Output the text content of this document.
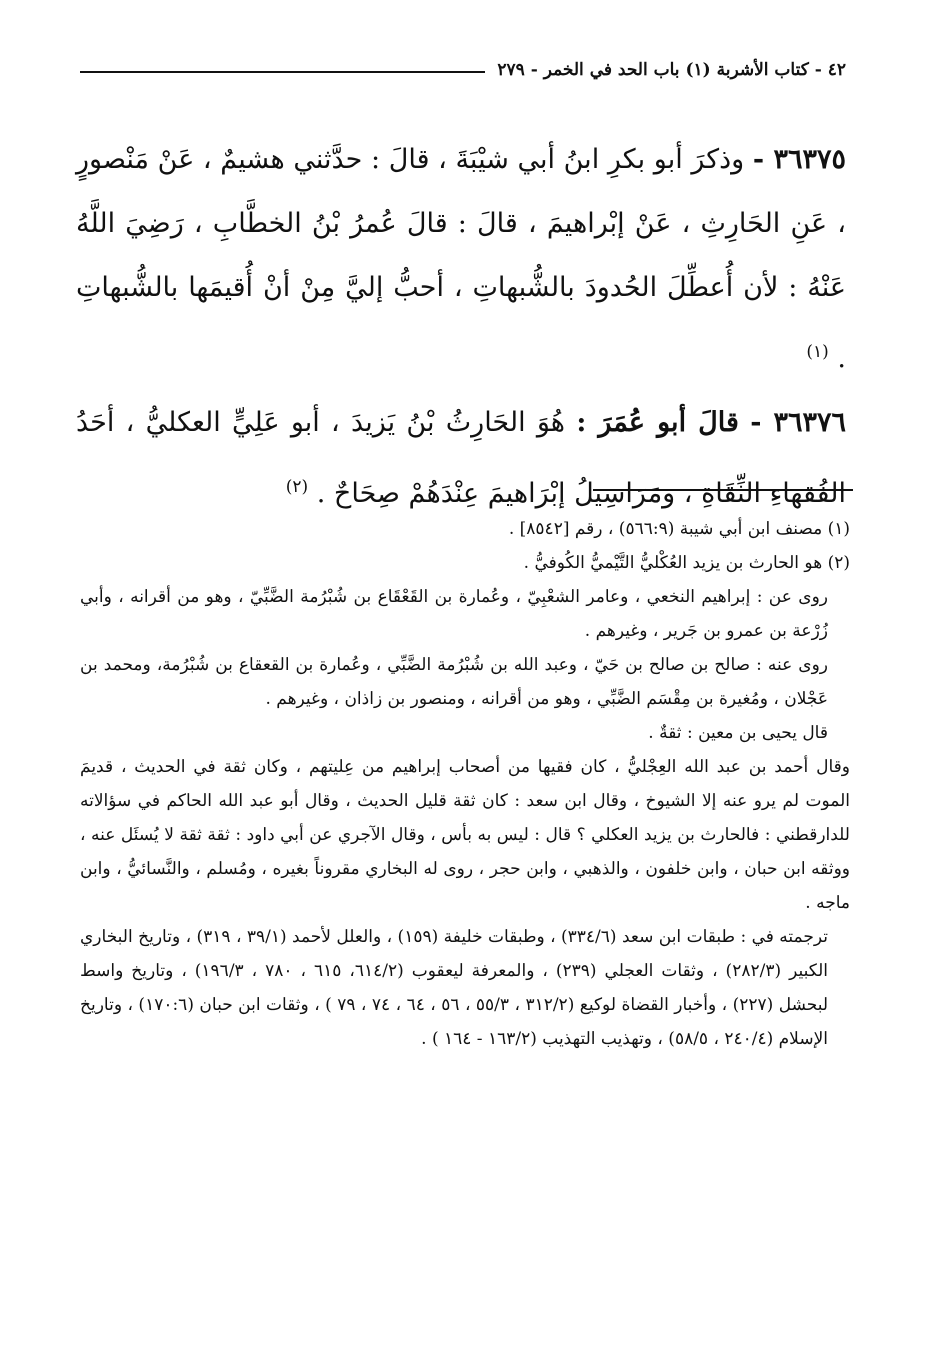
٤٢ - كتاب الأشربة (١) باب الحد في الخمر - ٢٧٩

٣٦٣٧٥ - وذكرَ أبو بكرِ ابنُ أبي شيْبَةَ ، قالَ : حدَّثني هشيمٌ ، عَنْ مَنْصورٍ ، عَنِ الحَارِثِ ، عَنْ إبْراهيمَ ، قالَ : قالَ عُمرُ بْنُ الخطَّابِ ، رَضِيَ اللَّهُ عَنْهُ : لأن أُعطِّلَ الحُدودَ بالشُّبهاتِ ، أحبُّ إليَّ مِنْ أنْ أُقيمَها بالشُّبهاتِ . $^{(١)}$

٣٦٣٧٦ - قالَ أبو عُمَرَ : هُوَ الحَارِثُ بْنُ يَزيدَ ، أبو عَلِيٍّ العكليُّ ، أحَدُ الفُقهاءِ الثِّقَاةِ ، ومَرَاسِيلُ إبْرَاهيمَ عِنْدَهُمْ صِحَاحٌ . $^{(٢)}$

(١) مصنف ابن أبي شيبة (٥٦٦:٩) ، رقم [٨٥٤٢] .

(٢) هو الحارث بن يزيد العُكْليُّ التَّيْميُّ الكُوفيُّ .

روى عن : إبراهيم النخعي ، وعامر الشعْبِيّ ، وعُمارة بن القَعْقَاع بن شُبْرُمة الضَّبِّيّ ، وهو من أقرانه ، وأبي زُرْعة بن عمرو بن جَرير ، وغيرهم .

روى عنه : صالح بن صالح بن حَيّ ، وعبد الله بن شُبْرُمة الضَّبِّي ، وعُمارة بن القعقاع بن شُبْرُمة، ومحمد بن عَجْلان ، ومُغيرة بن مِقْسَم الضَّبِّي ، وهو من أقرانه ، ومنصور بن زاذان ، وغيرهم .

قال يحيى بن معين : ثقةٌ .

وقال أحمد بن عبد الله العِجْليُّ ، كان فقيها من أصحاب إبراهيم من عِليتهم ، وكان ثقة في الحديث ، قديمَ الموت لم يرو عنه إلا الشيوخ ، وقال ابن سعد : كان ثقة قليل الحديث ، وقال أبو عبد الله الحاكم في سؤالاته للدارقطني : فالحارث بن يزيد العكلي ؟ قال : ليس به بأس ، وقال الآجري عن أبي داود : ثقة ثقة لا يُسئَل عنه ، ووثقه ابن حبان ، وابن خلفون ، والذهبي ، وابن حجر ، روى له البخاري مقروناً بغيره ، ومُسلم ، والنَّسائيُّ ، وابن ماجه .

ترجمته في : طبقات ابن سعد (٣٣٤/٦) ، وطبقات خليفة (١٥٩) ، والعلل لأحمد (٣٩/١ ، ٣١٩) ، وتاريخ البخاري الكبير (٢٨٢/٣) ، وثقات العجلي (٢٣٩) ، والمعرفة ليعقوب (٦١٤/٢، ٦١٥ ، ٧٨٠ ، ١٩٦/٣) ، وتاريخ واسط لبحشل (٢٢٧) ، وأخبار القضاة لوكيع (٣١٢/٢ ، ٥٥/٣ ، ٥٦ ، ٦٤ ، ٧٤ ، ٧٩ ) ، وثقات ابن حبان (١٧٠:٦) ، وتاريخ الإسلام (٢٤٠/٤ ، ٥٨/٥) ، وتهذيب التهذيب (١٦٣/٢ - ١٦٤ ) .
